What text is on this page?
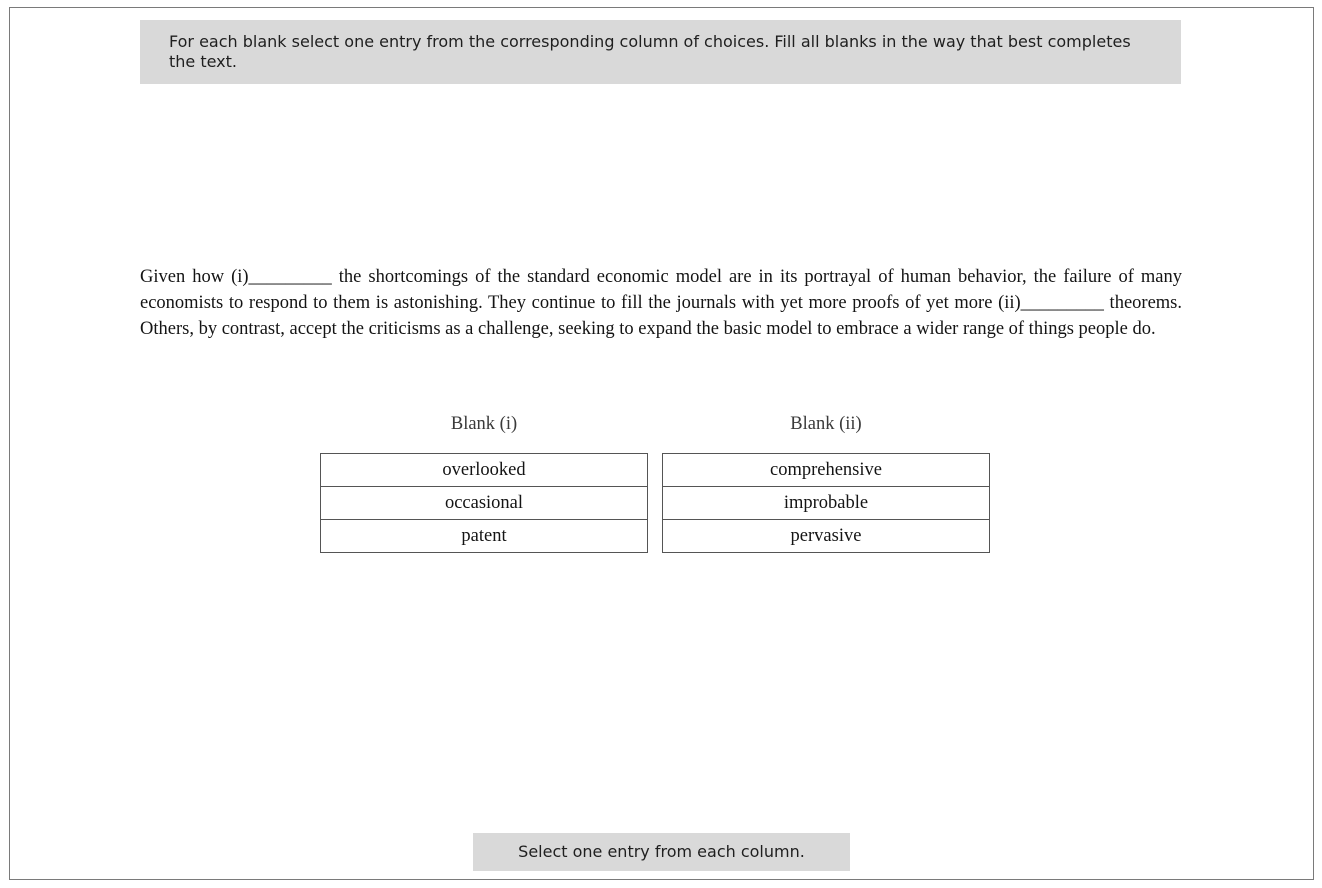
For each blank select one entry from the corresponding column of choices. Fill all blanks in the way that best completes the text.
Given how (i)_________ the shortcomings of the standard economic model are in its portrayal of human behavior, the failure of many economists to respond to them is astonishing. They continue to fill the journals with yet more proofs of yet more (ii)_________ theorems. Others, by contrast, accept the criticisms as a challenge, seeking to expand the basic model to embrace a wider range of things people do.
Blank (i)	Blank (ii)
overlooked
occasional
patent
comprehensive
improbable
pervasive
Select one entry from each column.
